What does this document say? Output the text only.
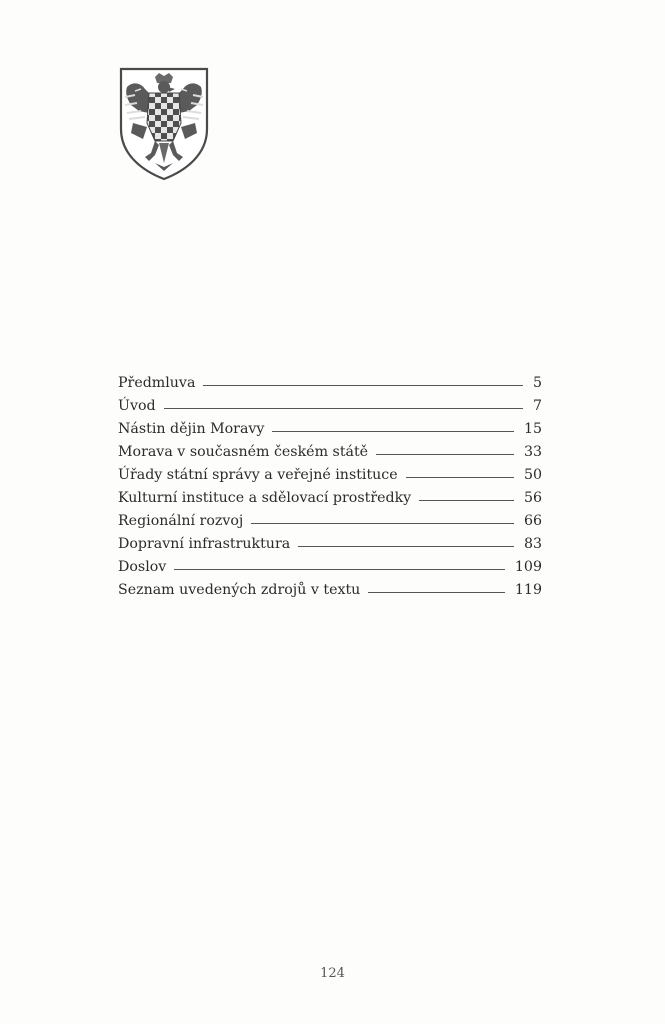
Předmluva	5
Úvod	7
Nástin dějin Moravy	15
Morava v současném českém státě	33
Úřady státní správy a veřejné instituce	50
Kulturní instituce a sdělovací prostředky	56
Regionální rozvoj	66
Dopravní infrastruktura	83
Doslov	109
Seznam uvedených zdrojů v textu	119
124
